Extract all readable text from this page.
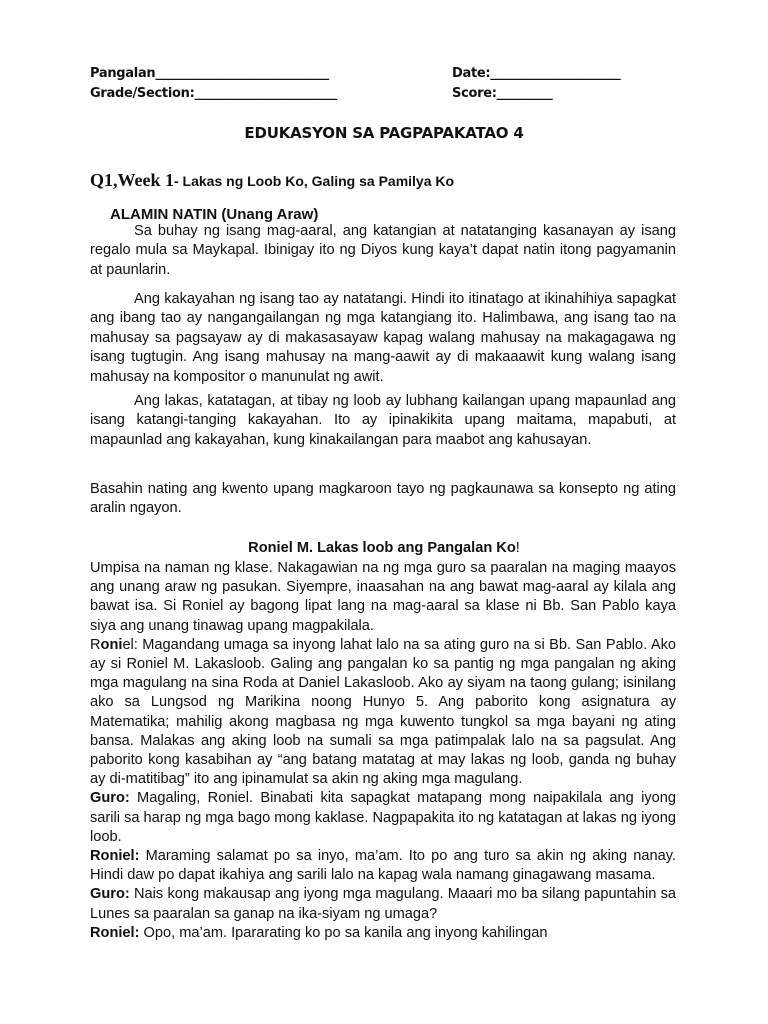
Pangalan____________________________	Date:_____________________
Grade/Section:_______________________	Score:_________
EDUKASYON SA PAGPAPAKATAO 4
Q1,Week 1- Lakas ng Loob Ko, Galing sa Pamilya Ko
ALAMIN NATIN (Unang Araw)
Sa buhay ng isang mag-aaral, ang katangian at natatanging kasanayan ay isang regalo mula sa Maykapal. Ibinigay ito ng Diyos kung kaya’t dapat natin itong pagyamanin at paunlarin.
Ang kakayahan ng isang tao ay natatangi. Hindi ito itinatago at ikinahihiya sapagkat ang ibang tao ay nangangailangan ng mga katangiang ito. Halimbawa, ang isang tao na mahusay sa pagsayaw ay di makasasayaw kapag walang mahusay na makagagawa ng isang tugtugin. Ang isang mahusay na mang-aawit ay di makaaawit kung walang isang mahusay na kompositor o manunulat ng awit.
Ang lakas, katatagan, at tibay ng loob ay lubhang kailangan upang mapaunlad ang isang katangi-tanging kakayahan. Ito ay ipinakikita upang maitama, mapabuti, at mapaunlad ang kakayahan, kung kinakailangan para maabot ang kahusayan.
Basahin nating ang kwento upang magkaroon tayo ng pagkaunawa sa konsepto ng ating aralin ngayon.
Roniel M. Lakas loob ang Pangalan Ko!
Umpisa na naman ng klase. Nakagawian na ng mga guro sa paaralan na maging maayos ang unang araw ng pasukan. Siyempre, inaasahan na ang bawat mag-aaral ay kilala ang bawat isa. Si Roniel ay bagong lipat lang na mag-aaral sa klase ni Bb. San Pablo kaya siya ang unang tinawag upang magpakilala.
Roniel: Magandang umaga sa inyong lahat lalo na sa ating guro na si Bb. San Pablo. Ako ay si Roniel M. Lakasloob. Galing ang pangalan ko sa pantig ng mga pangalan ng aking mga magulang na sina Roda at Daniel Lakasloob. Ako ay siyam na taong gulang; isinilang ako sa Lungsod ng Marikina noong Hunyo 5. Ang paborito kong asignatura ay Matematika; mahilig akong magbasa ng mga kuwento tungkol sa mga bayani ng ating bansa. Malakas ang aking loob na sumali sa mga patimpalak lalo na sa pagsulat. Ang paborito kong kasabihan ay “ang batang matatag at may lakas ng loob, ganda ng buhay ay di-matitibag” ito ang ipinamulat sa akin ng aking mga magulang.
Guro: Magaling, Roniel. Binabati kita sapagkat matapang mong naipakilala ang iyong sarili sa harap ng mga bago mong kaklase. Nagpapakita ito ng katatagan at lakas ng iyong loob.
Roniel: Maraming salamat po sa inyo, ma’am. Ito po ang turo sa akin ng aking nanay. Hindi daw po dapat ikahiya ang sarili lalo na kapag wala namang ginagawang masama.
Guro: Nais kong makausap ang iyong mga magulang. Maaari mo ba silang papuntahin sa Lunes sa paaralan sa ganap na ika-siyam ng umaga?
Roniel: Opo, ma’am. Ipararating ko po sa kanila ang inyong kahilingan
